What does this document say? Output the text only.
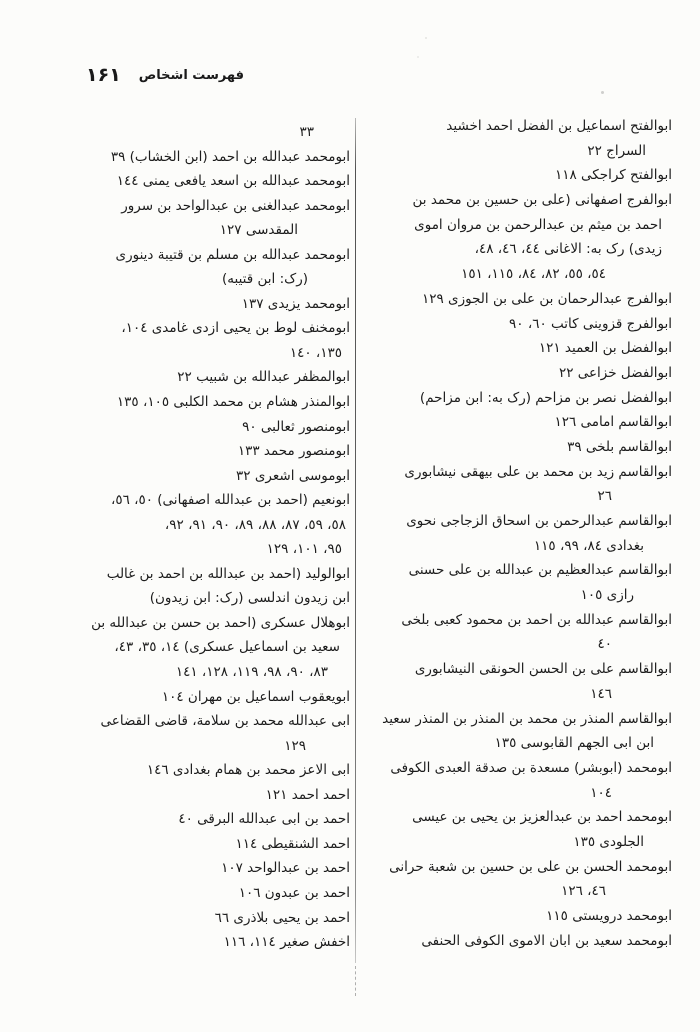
فهرست اشخاص
۱۶۱
ابوالفتح اسماعیل بن الفضل احمد اخشید
السراج ٢٢
ابوالفتح کراجکی ١١٨
ابوالفرج اصفهانی (علی بن حسین بن محمد بن
احمد بن میثم بن عبدالرحمن بن مروان اموی
زیدی) رک به: الاغانی ٤٤، ٤٦، ٤٨،
٥٤، ٥٥، ٨٢، ٨٤، ١١٥، ١٥١
ابوالفرج عبدالرحمان بن علی بن الجوزی ١٢٩
ابوالفرج قزوینی کاتب ٦٠، ٩٠
ابوالفضل بن العمید ١٢١
ابوالفضل خزاعی ٢٢
ابوالفضل نصر بن مزاحم (رک به: ابن مزاحم)
ابوالقاسم امامی ١٢٦
ابوالقاسم بلخی ٣٩
ابوالقاسم زید بن محمد بن علی بیهقی نیشابوری
٢٦
ابوالقاسم عبدالرحمن بن اسحاق الزجاجی نحوی
بغدادی ٨٤، ٩٩، ١١٥
ابوالقاسم عبدالعظیم بن عبدالله بن علی حسنی
رازی ١٠٥
ابوالقاسم عبدالله بن احمد بن محمود کعبی بلخی
٤٠
ابوالقاسم علی بن الحسن الحونقی النیشابوری
١٤٦
ابوالقاسم المنذر بن محمد بن المنذر بن المنذر سعید
ابن ابی الجهم القابوسی ١٣٥
ابومحمد (ابوبشر) مسعدة بن صدقة العبدی الکوفی
١٠٤
ابومحمد احمد بن عبدالعزیز بن یحیی بن عیسی
الجلودی ١٣٥
ابومحمد الحسن بن علی بن حسین بن شعبة حرانی
٤٦، ١٢٦
ابومحمد درویستی ١١٥
ابومحمد سعید بن ابان الاموی الکوفی الحنفی
٣٣
ابومحمد عبدالله بن احمد (ابن الخشاب) ٣٩
ابومحمد عبدالله بن اسعد یافعی یمنی ١٤٤
ابومحمد عبدالغنی بن عبدالواحد بن سرور
المقدسی ١٢٧
ابومحمد عبدالله بن مسلم بن قتیبة دینوری
(رک: ابن قتیبه)
ابومحمد یزیدی ١٣٧
ابومخنف لوط بن یحیی ازدی غامدی ١٠٤،
١٣٥، ١٤٠
ابوالمظفر عبدالله بن شبیب ٢٢
ابوالمنذر هشام بن محمد الکلبی ١٠٥، ١٣٥
ابومنصور ثعالبی ٩٠
ابومنصور محمد ١٣٣
ابوموسی اشعری ٣٢
ابونعیم (احمد بن عبدالله اصفهانی) ٥٠، ٥٦،
٥٨، ٥٩، ٨٧، ٨٨، ٨٩، ٩٠، ٩١، ٩٢،
٩٥، ١٠١، ١٢٩
ابوالولید (احمد بن عبدالله بن احمد بن غالب
ابن زیدون اندلسی (رک: ابن زیدون)
ابوهلال عسکری (احمد بن حسن بن عبدالله بن
سعید بن اسماعیل عسکری) ١٤، ٣٥، ٤٣،
٨٣، ٩٠، ٩٨، ١١٩، ١٢٨، ١٤١
ابویعقوب اسماعیل بن مهران ١٠٤
ابی عبدالله محمد بن سلامة، قاضی القضاعی
١٢٩
ابی الاعز محمد بن همام بغدادی ١٤٦
احمد احمد ١٢١
احمد بن ابی عبدالله البرقی ٤٠
احمد الشنقیطی ١١٤
احمد بن عبدالواحد ١٠٧
احمد بن عبدون ١٠٦
احمد بن یحیی بلاذری ٦٦
اخفش صغیر ١١٤، ١١٦
